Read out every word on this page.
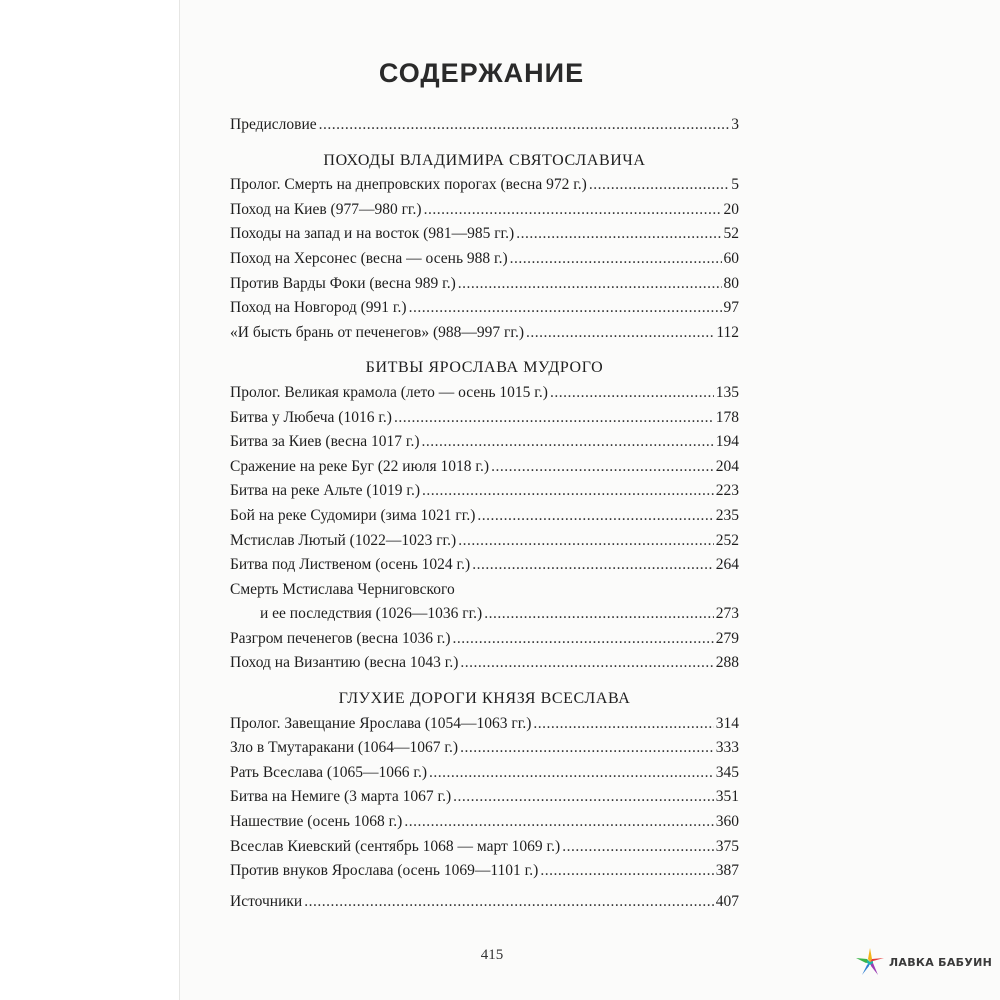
СОДЕРЖАНИЕ
Предисловие .....	3
ПОХОДЫ ВЛАДИМИРА СВЯТОСЛАВИЧА
Пролог. Смерть на днепровских порогах (весна 972 г.) .....	5
Поход на Киев (977—980 гг.) .....	20
Походы на запад и на восток (981—985 гг.) .....	52
Поход на Херсонес (весна — осень 988 г.) .....	60
Против Варды Фоки (весна 989 г.) .....	80
Поход на Новгород (991 г.) .....	97
«И бысть брань от печенегов» (988—997 гг.) .....	112
БИТВЫ ЯРОСЛАВА МУДРОГО
Пролог. Великая крамола (лето — осень 1015 г.) .....	135
Битва у Любеча (1016 г.) .....	178
Битва за Киев (весна 1017 г.) .....	194
Сражение на реке Буг (22 июля 1018 г.) .....	204
Битва на реке Альте (1019 г.) .....	223
Бой на реке Судомири (зима 1021 гг.) .....	235
Мстислав Лютый (1022—1023 гг.) .....	252
Битва под Лиственом (осень 1024 г.) .....	264
Смерть Мстислава Черниговского
и ее последствия (1026—1036 гг.) .....	273
Разгром печенегов (весна 1036 г.) .....	279
Поход на Византию (весна 1043 г.) .....	288
ГЛУХИЕ ДОРОГИ КНЯЗЯ ВСЕСЛАВА
Пролог. Завещание Ярослава (1054—1063 гг.) .....	314
Зло в Тмутаракани (1064—1067 г.) .....	333
Рать Всеслава (1065—1066 г.) .....	345
Битва на Немиге (3 марта 1067 г.) .....	351
Нашествие (осень 1068 г.) .....	360
Всеслав Киевский (сентябрь 1068 — март 1069 г.) .....	375
Против внуков Ярослава (осень 1069—1101 г.) .....	387
Источники .....	407
415	ЛАВКА БАБУИН
